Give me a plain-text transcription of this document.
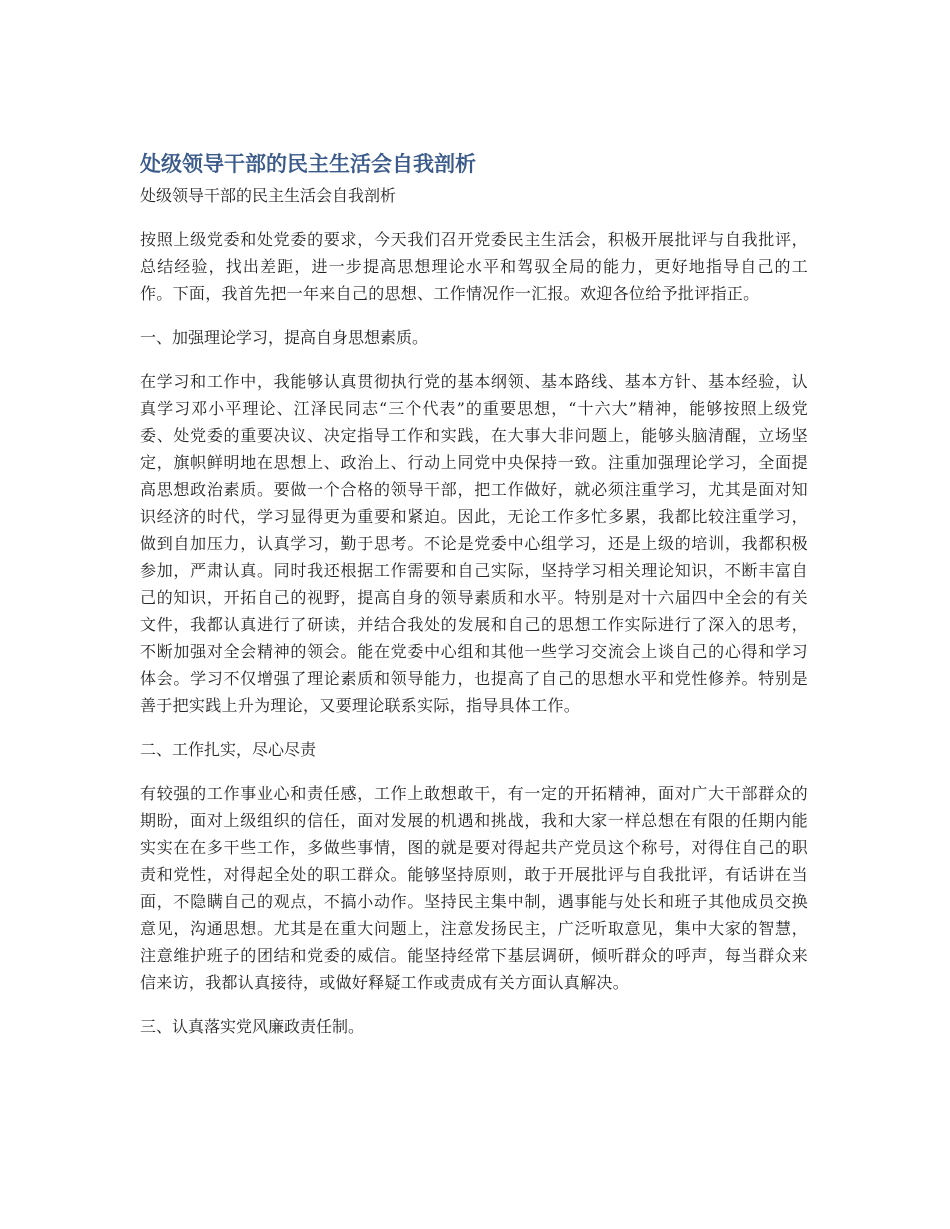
处级领导干部的民主生活会自我剖析
处级领导干部的民主生活会自我剖析

按照上级党委和处党委的要求，今天我们召开党委民主生活会，积极开展批评与自我批评，总结经验，找出差距，进一步提高思想理论水平和驾驭全局的能力，更好地指导自己的工作。下面，我首先把一年来自己的思想、工作情况作一汇报。欢迎各位给予批评指正。

一、加强理论学习，提高自身思想素质。

在学习和工作中，我能够认真贯彻执行党的基本纲领、基本路线、基本方针、基本经验，认真学习邓小平理论、江泽民同志“三个代表”的重要思想，“十六大”精神，能够按照上级党委、处党委的重要决议、决定指导工作和实践，在大事大非问题上，能够头脑清醒，立场坚定，旗帜鲜明地在思想上、政治上、行动上同党中央保持一致。注重加强理论学习，全面提高思想政治素质。要做一个合格的领导干部，把工作做好，就必须注重学习，尤其是面对知识经济的时代，学习显得更为重要和紧迫。因此，无论工作多忙多累，我都比较注重学习，做到自加压力，认真学习，勤于思考。不论是党委中心组学习，还是上级的培训，我都积极参加，严肃认真。同时我还根据工作需要和自己实际，坚持学习相关理论知识，不断丰富自己的知识，开拓自己的视野，提高自身的领导素质和水平。特别是对十六届四中全会的有关文件，我都认真进行了研读，并结合我处的发展和自己的思想工作实际进行了深入的思考，不断加强对全会精神的领会。能在党委中心组和其他一些学习交流会上谈自己的心得和学习体会。学习不仅增强了理论素质和领导能力，也提高了自己的思想水平和党性修养。特别是善于把实践上升为理论，又要理论联系实际，指导具体工作。

二、工作扎实，尽心尽责

有较强的工作事业心和责任感，工作上敢想敢干，有一定的开拓精神，面对广大干部群众的期盼，面对上级组织的信任，面对发展的机遇和挑战，我和大家一样总想在有限的任期内能实实在在多干些工作，多做些事情，图的就是要对得起共产党员这个称号，对得住自己的职责和党性，对得起全处的职工群众。能够坚持原则，敢于开展批评与自我批评，有话讲在当面，不隐瞒自己的观点，不搞小动作。坚持民主集中制，遇事能与处长和班子其他成员交换意见，沟通思想。尤其是在重大问题上，注意发扬民主，广泛听取意见，集中大家的智慧，注意维护班子的团结和党委的威信。能坚持经常下基层调研，倾听群众的呼声，每当群众来信来访，我都认真接待，或做好释疑工作或责成有关方面认真解决。

三、认真落实党风廉政责任制。
